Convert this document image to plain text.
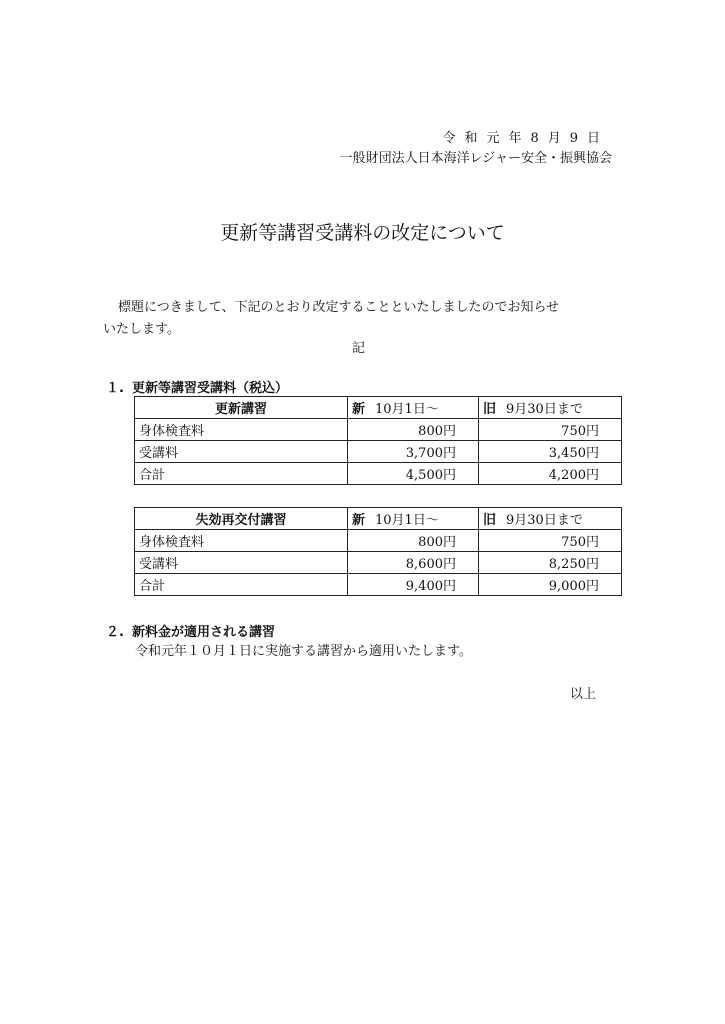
令和元年8月9日
一般財団法人日本海洋レジャー安全・振興協会
更新等講習受講料の改定について
標題につきまして、下記のとおり改定することといたしましたのでお知らせ
いたします。
記
１. 更新等講習受講料（税込）
更新講習	新 10月1日～	旧 9月30日まで
身体検査料	800円	750円
受講料	3,700円	3,450円
合計	4,500円	4,200円
失効再交付講習	新 10月1日～	旧 9月30日まで
身体検査料	800円	750円
受講料	8,600円	8,250円
合計	9,400円	9,000円
２. 新料金が適用される講習
令和元年１０月１日に実施する講習から適用いたします。
以上
